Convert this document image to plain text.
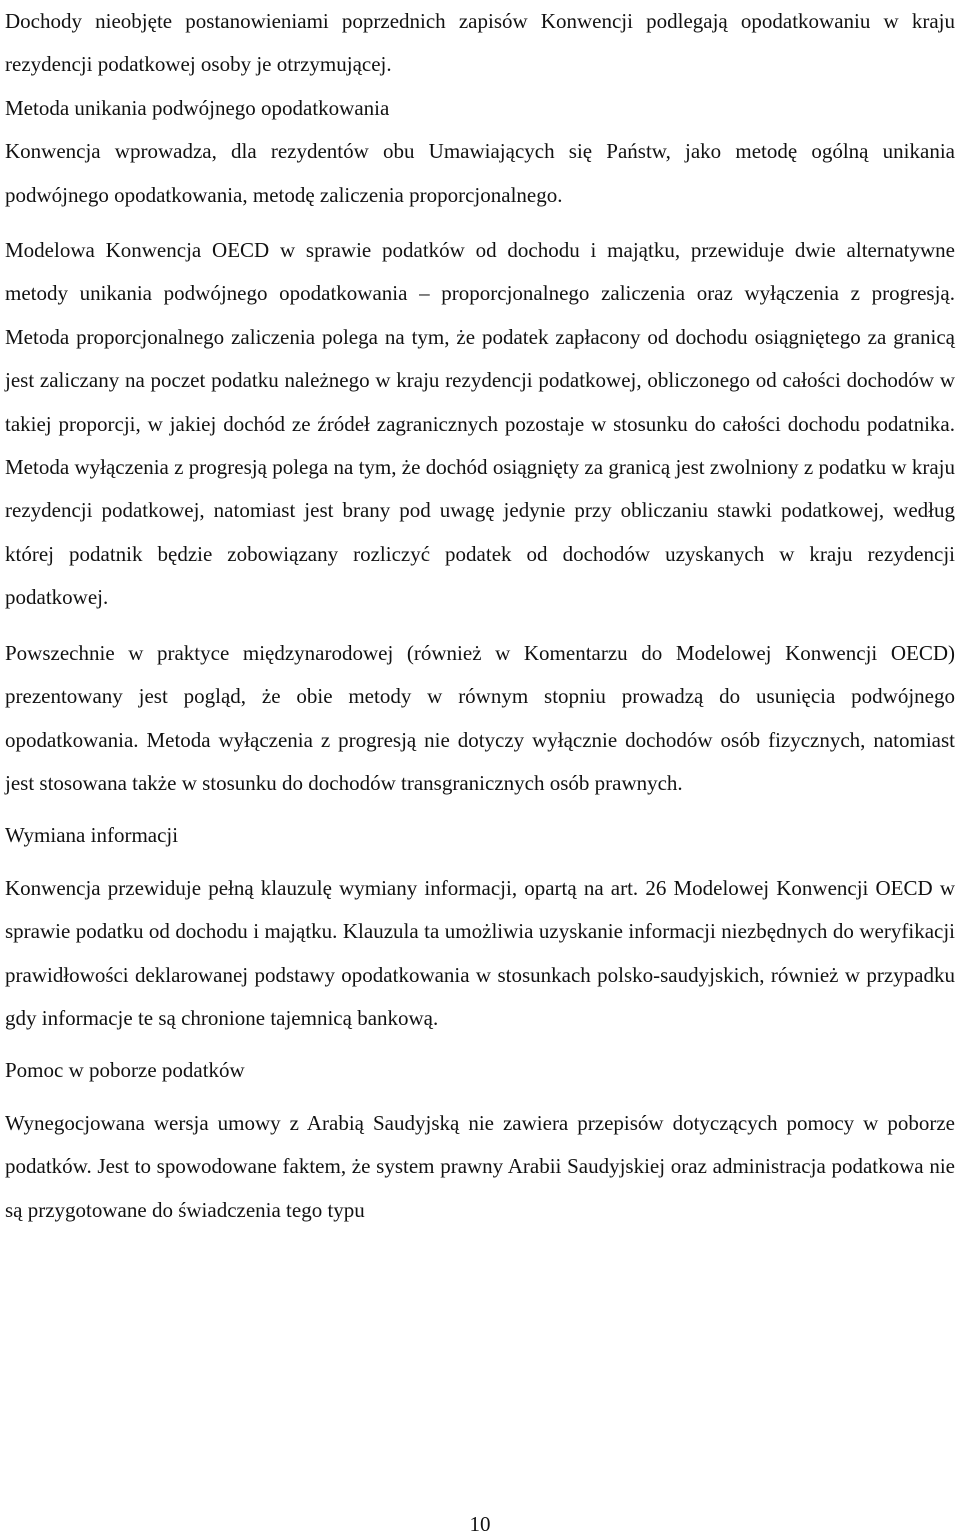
Dochody nieobjęte postanowieniami poprzednich zapisów Konwencji podlegają opodatkowaniu w kraju rezydencji podatkowej osoby je otrzymującej.

Metoda unikania podwójnego opodatkowania

Konwencja wprowadza, dla rezydentów obu Umawiających się Państw, jako metodę ogólną unikania podwójnego opodatkowania, metodę zaliczenia proporcjonalnego.

Modelowa Konwencja OECD w sprawie podatków od dochodu i majątku, przewiduje dwie alternatywne metody unikania podwójnego opodatkowania – proporcjonalnego zaliczenia oraz wyłączenia z progresją. Metoda proporcjonalnego zaliczenia polega na tym, że podatek zapłacony od dochodu osiągniętego za granicą jest zaliczany na poczet podatku należnego w kraju rezydencji podatkowej, obliczonego od całości dochodów w takiej proporcji, w jakiej dochód ze źródeł zagranicznych pozostaje w stosunku do całości dochodu podatnika. Metoda wyłączenia z progresją polega na tym, że dochód osiągnięty za granicą jest zwolniony z podatku w kraju rezydencji podatkowej, natomiast jest brany pod uwagę jedynie przy obliczaniu stawki podatkowej, według której podatnik będzie zobowiązany rozliczyć podatek od dochodów uzyskanych w kraju rezydencji podatkowej.

Powszechnie w praktyce międzynarodowej (również w Komentarzu do Modelowej Konwencji OECD) prezentowany jest pogląd, że obie metody w równym stopniu prowadzą do usunięcia podwójnego opodatkowania. Metoda wyłączenia z progresją nie dotyczy wyłącznie dochodów osób fizycznych, natomiast jest stosowana także w stosunku do dochodów transgranicznych osób prawnych.

Wymiana informacji

Konwencja przewiduje pełną klauzulę wymiany informacji, opartą na art. 26 Modelowej Konwencji OECD w sprawie podatku od dochodu i majątku. Klauzula ta umożliwia uzyskanie informacji niezbędnych do weryfikacji prawidłowości deklarowanej podstawy opodatkowania w stosunkach polsko-saudyjskich, również w przypadku gdy informacje te są chronione tajemnicą bankową.

Pomoc w poborze podatków

Wynegocjowana wersja umowy z Arabią Saudyjską nie zawiera przepisów dotyczących pomocy w poborze podatków. Jest to spowodowane faktem, że system prawny Arabii Saudyjskiej oraz administracja podatkowa nie są przygotowane do świadczenia tego typu

10
